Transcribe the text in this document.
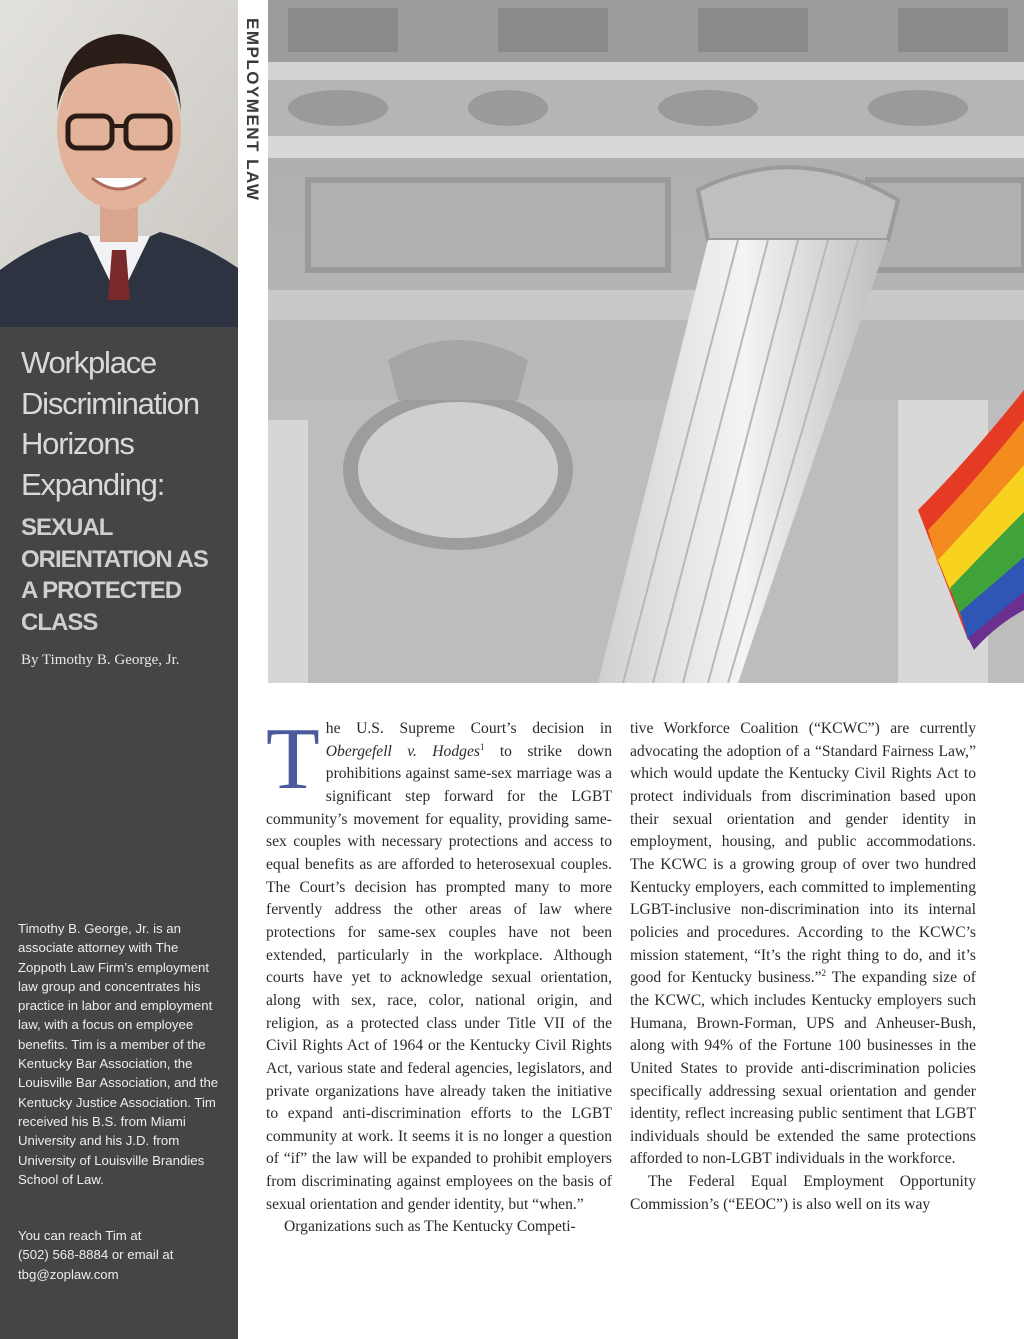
Workplace
Discrimination
Horizons
Expanding:
SEXUAL
ORIENTATION AS
A PROTECTED
CLASS
By Timothy B. George, Jr.
Timothy B. George, Jr. is an associate attorney with The Zoppoth Law Firm’s employment law group and concentrates his practice in labor and employment law, with a focus on employee benefits. Tim is a member of the Kentucky Bar Association, the Louisville Bar Association, and the Kentucky Justice Association. Tim received his B.S. from Miami University and his J.D. from University of Louisville Brandies School of Law.
You can reach Tim at
(502) 568-8884 or email at
tbg@zoplaw.com
EMPLOYMENT LAW

The U.S. Supreme Court’s decision in Obergefell v. Hodges$^1$ to strike down prohibitions against same-sex marriage was a significant step forward for the LGBT community’s movement for equality, providing same-sex couples with necessary protections and access to equal benefits as are afforded to heterosexual couples. The Court’s decision has prompted many to more fervently address the other areas of law where protections for same-sex couples have not been extended, particularly in the workplace. Although courts have yet to acknowledge sexual orientation, along with sex, race, color, national origin, and religion, as a protected class under Title VII of the Civil Rights Act of 1964 or the Kentucky Civil Rights Act, various state and federal agencies, legislators, and private organizations have already taken the initiative to expand anti-discrimination efforts to the LGBT community at work. It seems it is no longer a question of “if” the law will be expanded to prohibit employers from discriminating against employees on the basis of sexual orientation and gender identity, but “when.”

Organizations such as The Kentucky Competi-

tive Workforce Coalition (“KCWC”) are currently advocating the adoption of a “Standard Fairness Law,” which would update the Kentucky Civil Rights Act to protect individuals from discrimination based upon their sexual orientation and gender identity in employment, housing, and public accommodations. The KCWC is a growing group of over two hundred Kentucky employers, each committed to implementing LGBT-inclusive non-discrimination into its internal policies and procedures. According to the KCWC’s mission statement, “It’s the right thing to do, and it’s good for Kentucky business.”$^2$ The expanding size of the KCWC, which includes Kentucky employers such Humana, Brown-Forman, UPS and Anheuser-Bush, along with 94% of the Fortune 100 businesses in the United States to provide anti-discrimination policies specifically addressing sexual orientation and gender identity, reflect increasing public sentiment that LGBT individuals should be extended the same protections afforded to non-LGBT individuals in the workforce.

The Federal Equal Employment Opportunity Commission’s (“EEOC”) is also well on its way
